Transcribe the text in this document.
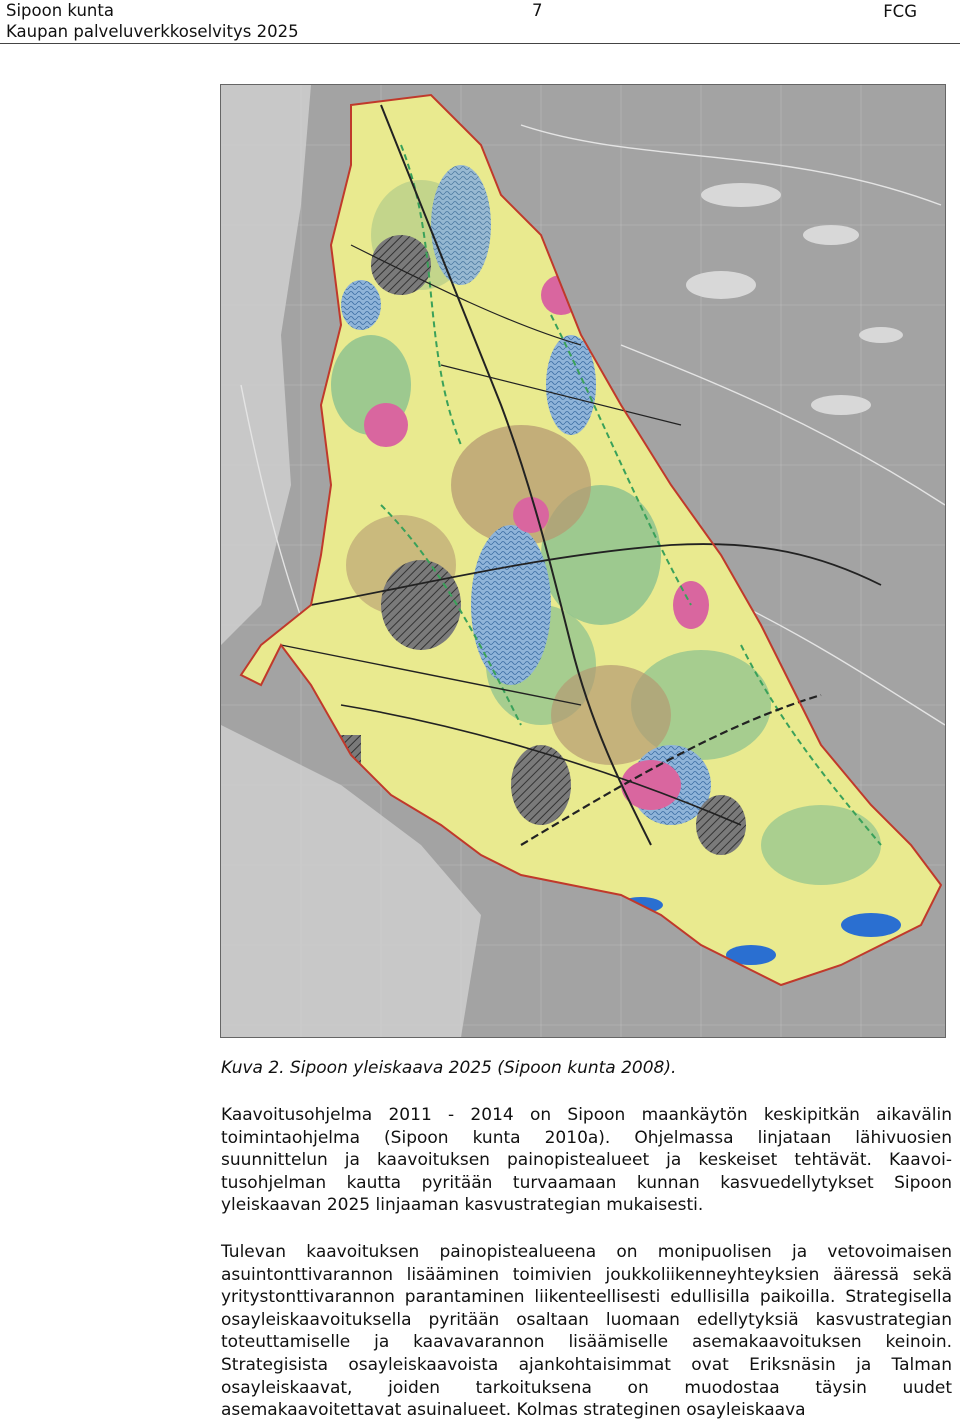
Sipoon kunta
Kaupan palveluverkkoselvitys 2025
7	FCG
Kuva 2. Sipoon yleiskaava 2025 (Sipoon kunta 2008).

Kaavoitusohjelma 2011 - 2014 on Sipoon maankäytön keskipitkän aikavälin toimintaohjelma (Sipoon kunta 2010a). Ohjelmassa linjataan lähivuosien suunnittelun ja kaavoituksen painopistealueet ja keskeiset tehtävät. Kaavoitusohjelman kautta pyritään turvaamaan kunnan kasvuedellytykset Sipoon yleiskaavan 2025 linjaaman kasvustrategian mukaisesti.

Tulevan kaavoituksen painopistealueena on monipuolisen ja vetovoimaisen asuintonttivarannon lisääminen toimivien joukkoliikenneyhteyksien ääressä sekä yritystonttivarannon parantaminen liikenteellisesti edullisilla paikoilla. Strategisella osayleiskaavoituksella pyritään osaltaan luomaan edellytyksiä kasvustrategian toteuttamiselle ja kaavavarannon lisäämiselle asemakaavoituksen keinoin. Strategisista osayleiskaavoista ajankohtaisimmat ovat Eriksnäsin ja Talman osayleiskaavat, joiden tarkoituksena on muodostaa täysin uudet asemakaavoitettavat asuinalueet. Kolmas strateginen osayleiskaava
